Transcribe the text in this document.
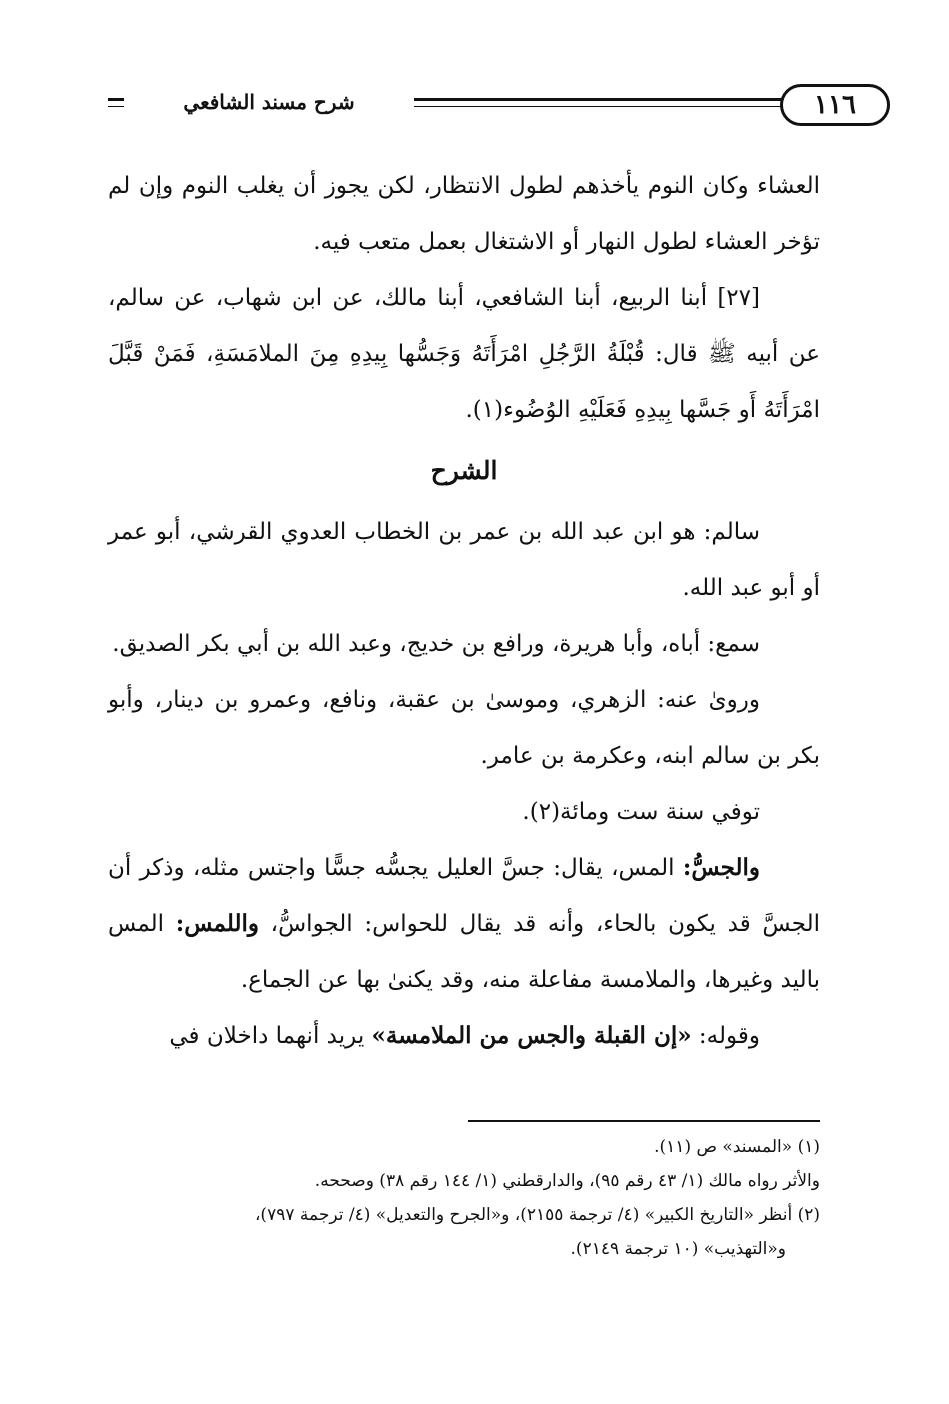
شرح مسند الشافعي	١١٦

العشاء وكان النوم يأخذهم لطول الانتظار، لكن يجوز أن يغلب النوم وإن لم تؤخر العشاء لطول النهار أو الاشتغال بعمل متعب فيه.

[٢٧] أبنا الربيع، أبنا الشافعي، أبنا مالك، عن ابن شهاب، عن سالم، عن أبيه ﷺ قال: قُبْلَةُ الرَّجُلِ امْرَأَتَهُ وَجَسُّها بِيدِهِ مِنَ الملامَسَةِ، فَمَنْ قَبَّلَ امْرَأَتَهُ أَو جَسَّها بِيدِهِ فَعَلَيْهِ الوُضُوء(١).

الشرح

سالم: هو ابن عبد الله بن عمر بن الخطاب العدوي القرشي، أبو عمر أو أبو عبد الله.

سمع: أباه، وأبا هريرة، ورافع بن خديج، وعبد الله بن أبي بكر الصديق.

وروىٰ عنه: الزهري، وموسىٰ بن عقبة، ونافع، وعمرو بن دينار، وأبو بكر بن سالم ابنه، وعكرمة بن عامر.

توفي سنة ست ومائة(٢).

والجسُّ: المس، يقال: جسَّ العليل يجسُّه جسًّا واجتس مثله، وذكر أن الجسَّ قد يكون بالحاء، وأنه قد يقال للحواس: الجواسُّ، واللمس: المس باليد وغيرها، والملامسة مفاعلة منه، وقد يكنىٰ بها عن الجماع.

وقوله: «إن القبلة والجس من الملامسة» يريد أنهما داخلان في

(١) «المسند» ص (١١).

والأثر رواه مالك (١/ ٤٣ رقم ٩٥)، والدارقطني (١/ ١٤٤ رقم ٣٨) وصححه.

(٢) أنظر «التاريخ الكبير» (٤/ ترجمة ٢١٥٥)، و«الجرح والتعديل» (٤/ ترجمة ٧٩٧)،

و«التهذيب» (١٠ ترجمة ٢١٤٩).
